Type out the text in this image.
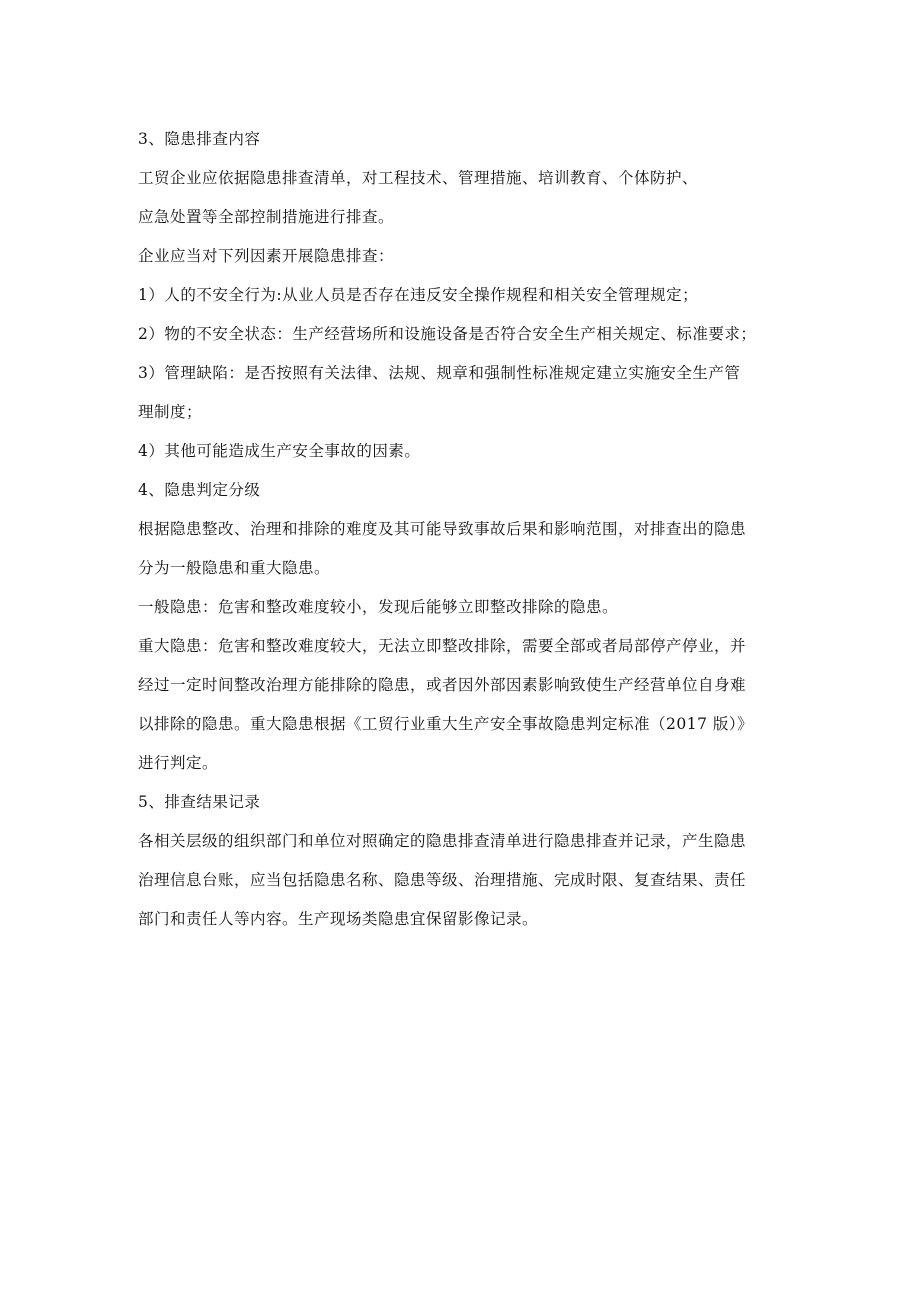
3、隐患排查内容

工贸企业应依据隐患排查清单，对工程技术、管理措施、培训教育、个体防护、

应急处置等全部控制措施进行排查。

企业应当对下列因素开展隐患排查：

1）人的不安全行为:从业人员是否存在违反安全操作规程和相关安全管理规定；

2）物的不安全状态：生产经营场所和设施设备是否符合安全生产相关规定、标准要求；

3）管理缺陷：是否按照有关法律、法规、规章和强制性标准规定建立实施安全生产管

理制度；

4）其他可能造成生产安全事故的因素。

4、隐患判定分级

根据隐患整改、治理和排除的难度及其可能导致事故后果和影响范围，对排查出的隐患

分为一般隐患和重大隐患。

一般隐患：危害和整改难度较小，发现后能够立即整改排除的隐患。

重大隐患：危害和整改难度较大，无法立即整改排除，需要全部或者局部停产停业，并

经过一定时间整改治理方能排除的隐患，或者因外部因素影响致使生产经营单位自身难

以排除的隐患。重大隐患根据《工贸行业重大生产安全事故隐患判定标准（2017 版）》

进行判定。

5、排查结果记录

各相关层级的组织部门和单位对照确定的隐患排查清单进行隐患排查并记录，产生隐患

治理信息台账，应当包括隐患名称、隐患等级、治理措施、完成时限、复查结果、责任

部门和责任人等内容。生产现场类隐患宜保留影像记录。
